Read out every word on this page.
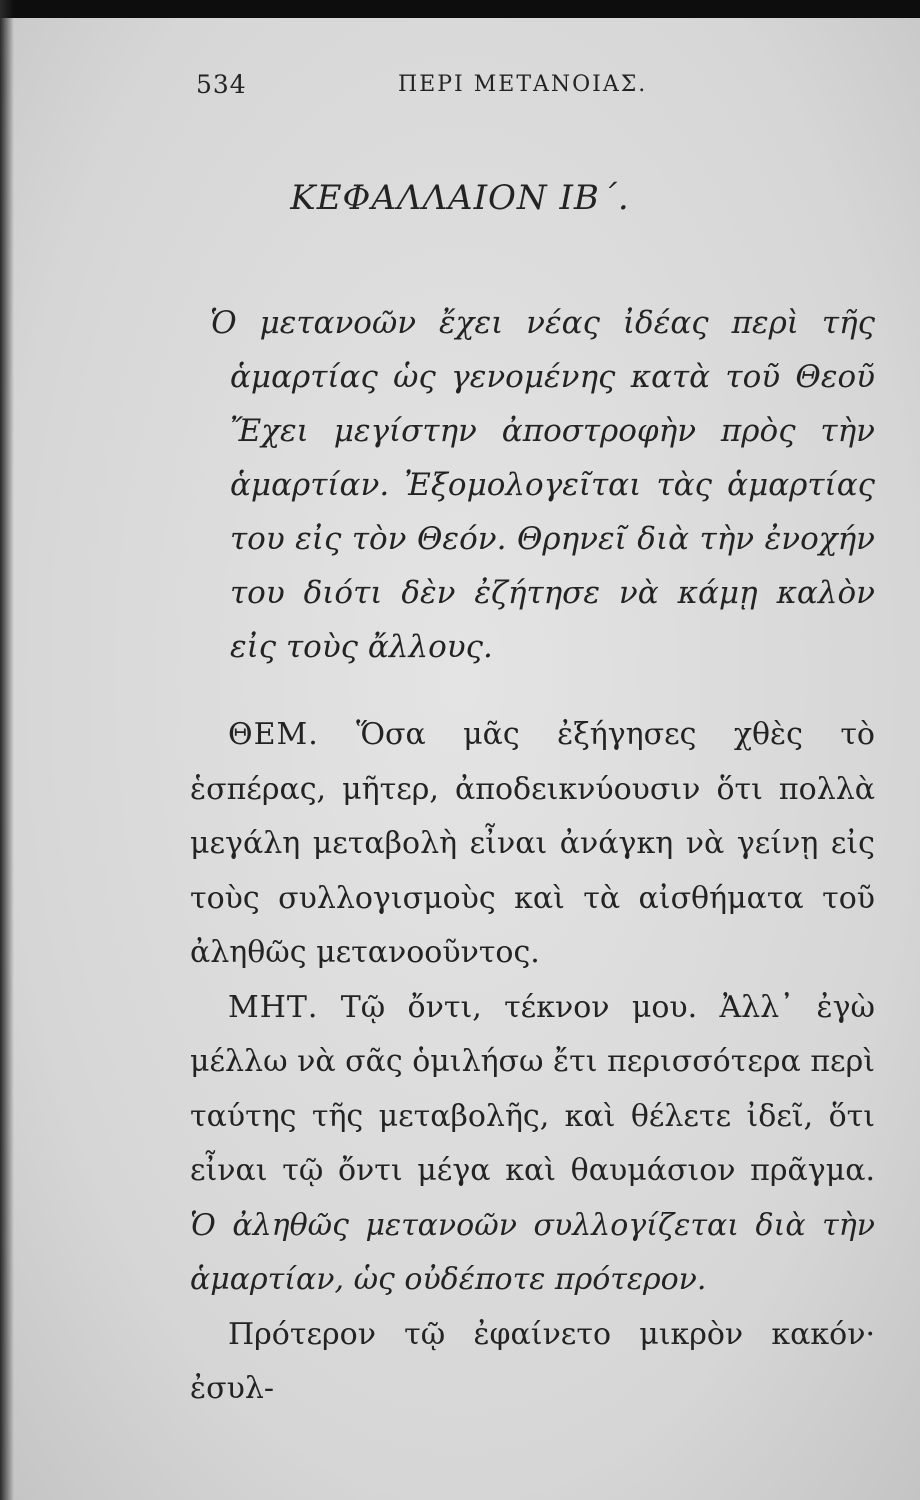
534	ΠΕΡΙ ΜΕΤΑΝΟΙΑΣ.
ΚΕΦΑΛΛΑΙΟΝ ΙΒ΄.
Ὁ μετανοῶν ἔχει νέας ἰδέας περὶ τῆς ἁμαρτίας ὡς γενομένης κατὰ τοῦ Θεοῦ Ἔχει μεγίστην ἀποστροφὴν πρὸς τὴν ἁμαρτίαν. Ἐξομολογεῖται τὰς ἁμαρτίας του εἰς τὸν Θεόν. Θρηνεῖ διὰ τὴν ἐνοχήν του διότι δὲν ἐζήτησε νὰ κάμῃ καλὸν εἰς τοὺς ἄλλους.

ΘΕΜ. Ὅσα μᾶς ἐξήγησες χθὲς τὸ ἑσπέρας, μῆτερ, ἀποδεικνύουσιν ὅτι πολλὰ μεγάλη μεταβολὴ εἶναι ἀνάγκη νὰ γείνῃ εἰς τοὺς συλλογισμοὺς καὶ τὰ αἰσθήματα τοῦ ἀληθῶς μετανοοῦντος.

ΜΗΤ. Τῷ ὄντι, τέκνον μου. Ἀλλ᾽ ἐγὼ μέλλω νὰ σᾶς ὁμιλήσω ἔτι περισσότερα περὶ ταύτης τῆς μεταβολῆς, καὶ θέλετε ἰδεῖ, ὅτι εἶναι τῷ ὄντι μέγα καὶ θαυμάσιον πρᾶγμα. Ὁ ἀληθῶς μετανοῶν συλλογίζεται διὰ τὴν ἁμαρτίαν, ὡς οὐδέποτε πρότερον.

Πρότερον τῷ ἐφαίνετο μικρὸν κακόν· ἐσυλ-
